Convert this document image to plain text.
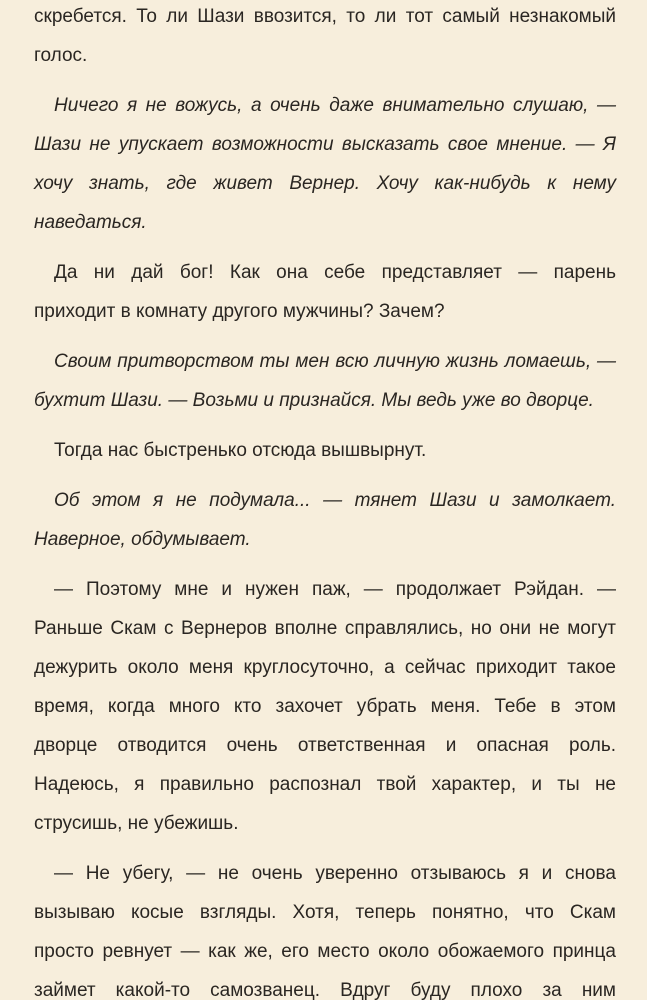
скребется. То ли Шази ввозится, то ли тот самый незнакомый
голос.
Ничего я не вожусь, а очень даже внимательно слушаю, —
Шази не упускает возможности высказать свое мнение. — Я
хочу знать, где живет Вернер. Хочу как-нибудь к нему
наведаться.
Да ни дай бог! Как она себе представляет — парень
приходит в комнату другого мужчины? Зачем?
Своим притворством ты мен всю личную жизнь ломаешь, —
бухтит Шази. — Возьми и признайся. Мы ведь уже во дворце.
Тогда нас быстренько отсюда вышвырнут.
Об этом я не подумала... — тянет Шази и замолкает.
Наверное, обдумывает.
— Поэтому мне и нужен паж, — продолжает Рэйдан. —
Раньше Скам с Вернеров вполне справлялись, но они не могут
дежурить около меня круглосуточно, а сейчас приходит такое
время, когда много кто захочет убрать меня. Тебе в этом
дворце отводится очень ответственная и опасная роль.
Надеюсь, я правильно распознал твой характер, и ты не
струсишь, не убежишь.
— Не убегу, — не очень уверенно отзываюсь я и снова
вызываю косые взгляды. Хотя, теперь понятно, что Скам
просто ревнует — как же, его место около обожаемого принца
займет какой-то самозванец. Вдруг буду плохо за ним
